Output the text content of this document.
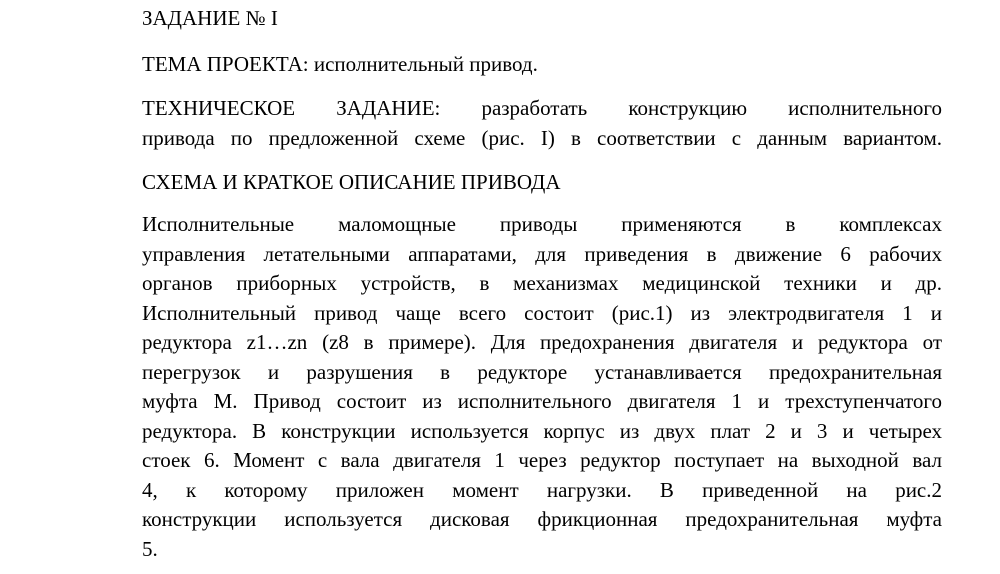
ЗАДАНИЕ № I
ТЕМА ПРОЕКТА: исполнительный привод.
ТЕХНИЧЕСКОЕ ЗАДАНИЕ: разработать конструкцию исполнительного
привода по предложенной схеме (рис. I) в соответствии с данным вариантом.
СХЕМА И КРАТКОЕ ОПИСАНИЕ ПРИВОДА
Исполнительные маломощные приводы применяются в комплексах
управления летательными аппаратами, для приведения в движение 6 рабочих
органов приборных устройств, в механизмах медицинской техники и др.
Исполнительный привод чаще всего состоит (рис.1) из электродвигателя 1 и
редуктора z1…zn (z8 в примере). Для предохранения двигателя и редуктора от
перегрузок и разрушения в редукторе устанавливается предохранительная
муфта М. Привод состоит из исполнительного двигателя 1 и трехступенчатого
редуктора. В конструкции используется корпус из двух плат 2 и 3 и четырех
стоек 6. Момент с вала двигателя 1 через редуктор поступает на выходной вал
4, к которому приложен момент нагрузки. В приведенной на рис.2
конструкции используется дисковая фрикционная предохранительная муфта
5.
